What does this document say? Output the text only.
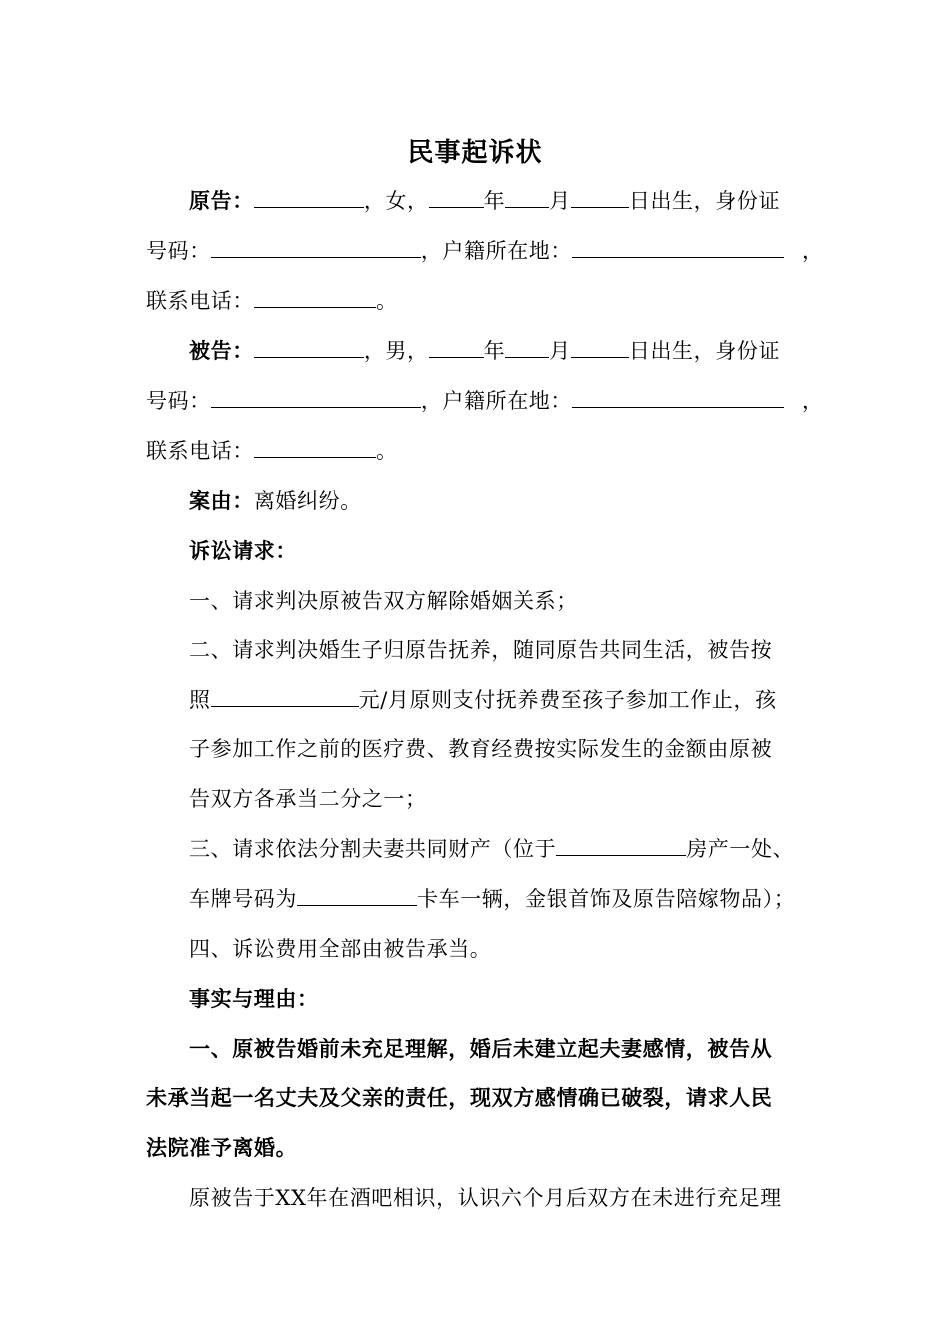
民事起诉状
原告：	，女，	年 月	日出生，身份证
号码：	，户籍所在地：	，
联系电话：	。
被告：	，男，	年 月	日出生，身份证
号码：	，户籍所在地：	，
联系电话：	。
案由：离婚纠纷。
诉讼请求：
一、请求判决原被告双方解除婚姻关系；
二、请求判决婚生子归原告抚养，随同原告共同生活，被告按
照	元/月原则支付抚养费至孩子参加工作止，孩
子参加工作之前的医疗费、教育经费按实际发生的金额由原被
告双方各承当二分之一；
三、请求依法分割夫妻共同财产（位于	房产一处、
车牌号码为	卡车一辆，金银首饰及原告陪嫁物品）；
四、诉讼费用全部由被告承当。
事实与理由：
一、原被告婚前未充足理解，婚后未建立起夫妻感情，被告从
未承当起一名丈夫及父亲的责任，现双方感情确已破裂，请求人民
法院准予离婚。
原被告于XX年在酒吧相识，认识六个月后双方在未进行充足理
